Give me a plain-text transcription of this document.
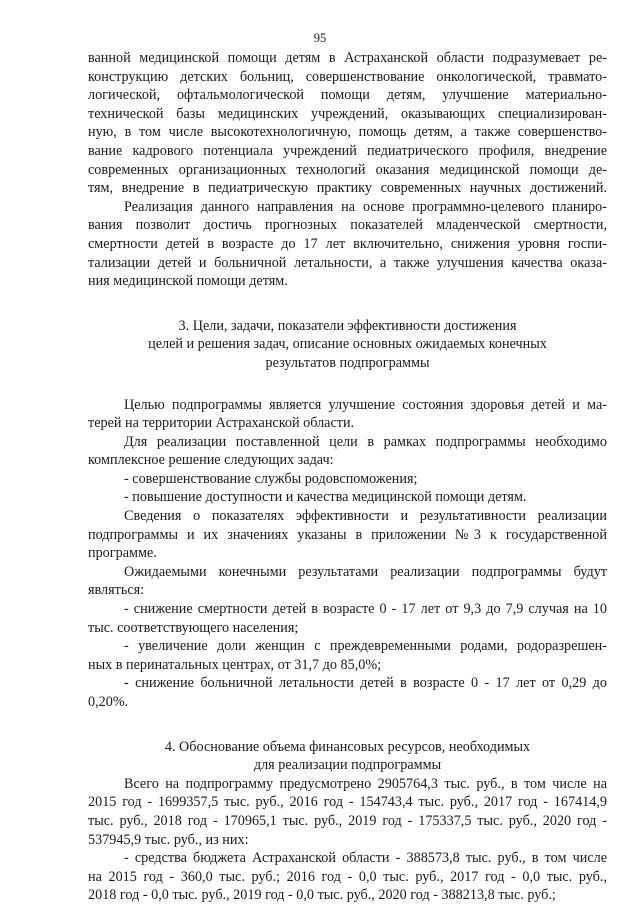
95

ванной медицинской помощи детям в Астраханской области подразумевает ре-

конструкцию детских больниц, совершенствование онкологической, травмато-

логической, офтальмологической помощи детям, улучшение материально-

технической базы медицинских учреждений, оказывающих специализирован-

ную, в том числе высокотехнологичную, помощь детям, а также совершенство-

вание кадрового потенциала учреждений педиатрического профиля, внедрение

современных организационных технологий оказания медицинской помощи де-

тям, внедрение в педиатрическую практику современных научных достижений.

Реализация данного направления на основе программно-целевого планиро-

вания позволит достичь прогнозных показателей младенческой смертности,

смертности детей в возрасте до 17 лет включительно, снижения уровня госпи-

тализации детей и больничной летальности, а также улучшения качества оказа-

ния медицинской помощи детям.

3. Цели, задачи, показатели эффективности достижения

целей и решения задач, описание основных ожидаемых конечных

результатов подпрограммы

Целью подпрограммы является улучшение состояния здоровья детей и ма-

терей на территории Астраханской области.

Для реализации поставленной цели в рамках подпрограммы необходимо

комплексное решение следующих задач:

- совершенствование службы родовспоможения;

- повышение доступности и качества медицинской помощи детям.

Сведения о показателях эффективности и результативности реализации

подпрограммы и их значениях указаны в приложении №3 к государственной

программе.

Ожидаемыми конечными результатами реализации подпрограммы будут

являться:

- снижение смертности детей в возрасте 0 - 17 лет от 9,3 до 7,9 случая на 10

тыс. соответствующего населения;

- увеличение доли женщин с преждевременными родами, родоразрешен-

ных в перинатальных центрах, от 31,7 до 85,0%;

- снижение больничной летальности детей в возрасте 0 - 17 лет от 0,29 до

0,20%.

4. Обоснование объема финансовых ресурсов, необходимых

для реализации подпрограммы

Всего на подпрограмму предусмотрено 2905764,3 тыс. руб., в том числе на

2015 год - 1699357,5 тыс. руб., 2016 год - 154743,4 тыс. руб., 2017 год - 167414,9

тыс. руб., 2018 год - 170965,1 тыс. руб., 2019 год - 175337,5 тыс. руб., 2020 год -

537945,9 тыс. руб., из них:

- средства бюджета Астраханской области - 388573,8 тыс. руб., в том числе

на 2015 год - 360,0 тыс. руб.; 2016 год - 0,0 тыс. руб., 2017 год - 0,0 тыс. руб.,

2018 год - 0,0 тыс. руб., 2019 год - 0,0 тыс. руб., 2020 год - 388213,8 тыс. руб.;
